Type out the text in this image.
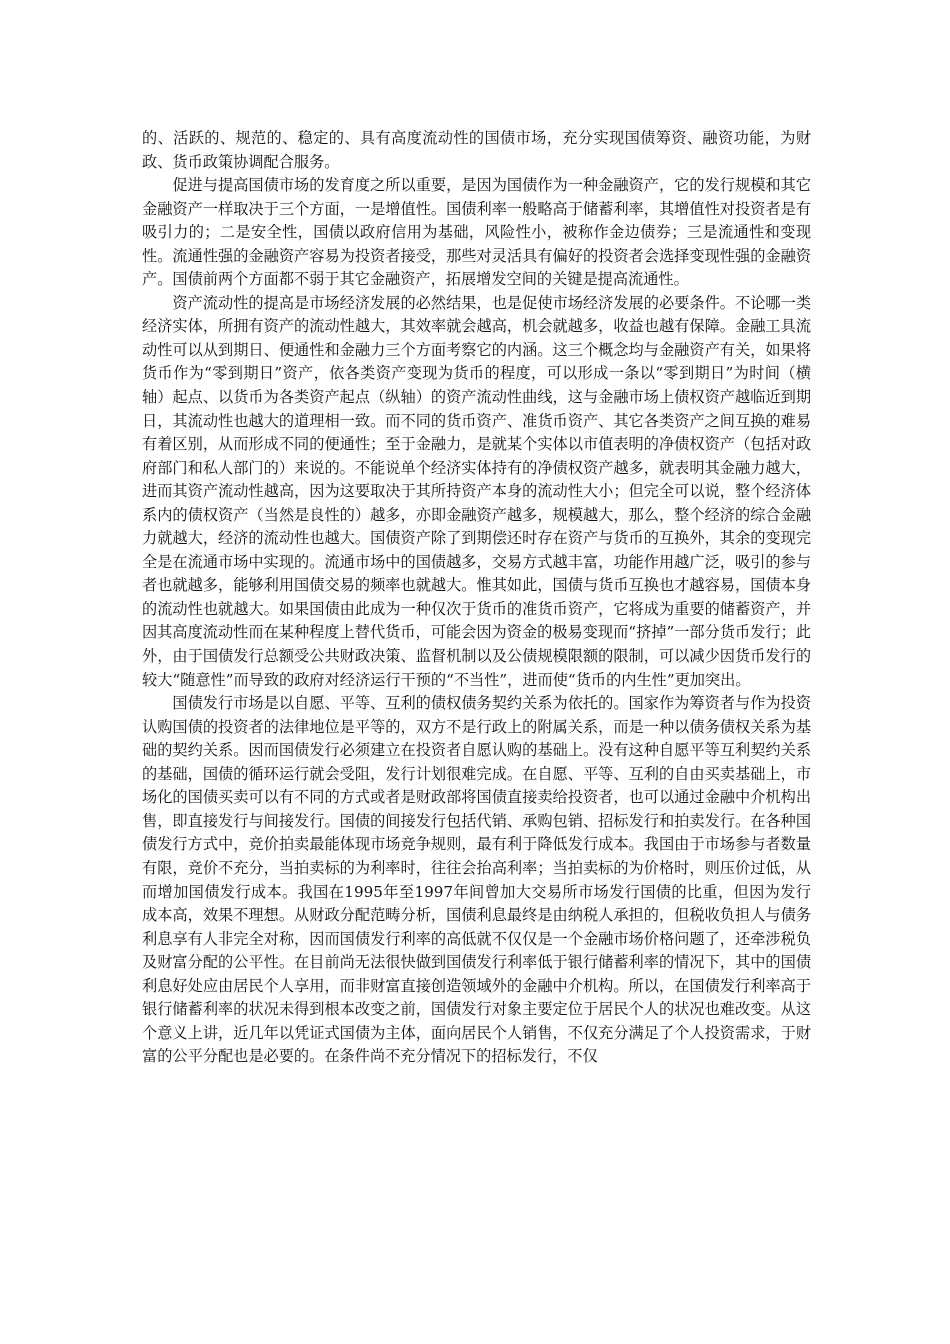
的、活跃的、规范的、稳定的、具有高度流动性的国债市场，充分实现国债筹资、融资功能，为财政、货币政策协调配合服务。

促进与提高国债市场的发育度之所以重要，是因为国债作为一种金融资产，它的发行规模和其它金融资产一样取决于三个方面，一是增值性。国债利率一般略高于储蓄利率，其增值性对投资者是有吸引力的；二是安全性，国债以政府信用为基础，风险性小，被称作金边债券；三是流通性和变现性。流通性强的金融资产容易为投资者接受，那些对灵活具有偏好的投资者会选择变现性强的金融资产。国债前两个方面都不弱于其它金融资产，拓展增发空间的关键是提高流通性。

资产流动性的提高是市场经济发展的必然结果，也是促使市场经济发展的必要条件。不论哪一类经济实体，所拥有资产的流动性越大，其效率就会越高，机会就越多，收益也越有保障。金融工具流动性可以从到期日、便通性和金融力三个方面考察它的内涵。这三个概念均与金融资产有关，如果将货币作为“零到期日”资产，依各类资产变现为货币的程度，可以形成一条以“零到期日”为时间（横轴）起点、以货币为各类资产起点（纵轴）的资产流动性曲线，这与金融市场上债权资产越临近到期日，其流动性也越大的道理相一致。而不同的货币资产、准货币资产、其它各类资产之间互换的难易有着区别，从而形成不同的便通性；至于金融力，是就某个实体以市值表明的净债权资产（包括对政府部门和私人部门的）来说的。不能说单个经济实体持有的净债权资产越多，就表明其金融力越大，进而其资产流动性越高，因为这要取决于其所持资产本身的流动性大小；但完全可以说，整个经济体系内的债权资产（当然是良性的）越多，亦即金融资产越多，规模越大，那么，整个经济的综合金融力就越大，经济的流动性也越大。国债资产除了到期偿还时存在资产与货币的互换外，其余的变现完全是在流通市场中实现的。流通市场中的国债越多，交易方式越丰富，功能作用越广泛，吸引的参与者也就越多，能够利用国债交易的频率也就越大。惟其如此，国债与货币互换也才越容易，国债本身的流动性也就越大。如果国债由此成为一种仅次于货币的准货币资产，它将成为重要的储蓄资产，并因其高度流动性而在某种程度上替代货币，可能会因为资金的极易变现而“挤掉”一部分货币发行；此外，由于国债发行总额受公共财政决策、监督机制以及公债规模限额的限制，可以减少因货币发行的较大“随意性”而导致的政府对经济运行干预的“不当性”，进而使“货币的内生性”更加突出。

国债发行市场是以自愿、平等、互利的债权债务契约关系为依托的。国家作为筹资者与作为投资认购国债的投资者的法律地位是平等的，双方不是行政上的附属关系，而是一种以债务债权关系为基础的契约关系。因而国债发行必须建立在投资者自愿认购的基础上。没有这种自愿平等互利契约关系的基础，国债的循环运行就会受阻，发行计划很难完成。在自愿、平等、互利的自由买卖基础上，市场化的国债买卖可以有不同的方式或者是财政部将国债直接卖给投资者，也可以通过金融中介机构出售，即直接发行与间接发行。国债的间接发行包括代销、承购包销、招标发行和拍卖发行。在各种国债发行方式中，竞价拍卖最能体现市场竞争规则，最有利于降低发行成本。我国由于市场参与者数量有限，竞价不充分，当拍卖标的为利率时，往往会抬高利率；当拍卖标的为价格时，则压价过低，从而增加国债发行成本。我国在1995年至1997年间曾加大交易所市场发行国债的比重，但因为发行成本高，效果不理想。从财政分配范畴分析，国债利息最终是由纳税人承担的，但税收负担人与债务利息享有人非完全对称，因而国债发行利率的高低就不仅仅是一个金融市场价格问题了，还牵涉税负及财富分配的公平性。在目前尚无法很快做到国债发行利率低于银行储蓄利率的情况下，其中的国债利息好处应由居民个人享用，而非财富直接创造领域外的金融中介机构。所以，在国债发行利率高于银行储蓄利率的状况未得到根本改变之前，国债发行对象主要定位于居民个人的状况也难改变。从这个意义上讲，近几年以凭证式国债为主体，面向居民个人销售，不仅充分满足了个人投资需求，于财富的公平分配也是必要的。在条件尚不充分情况下的招标发行，不仅
